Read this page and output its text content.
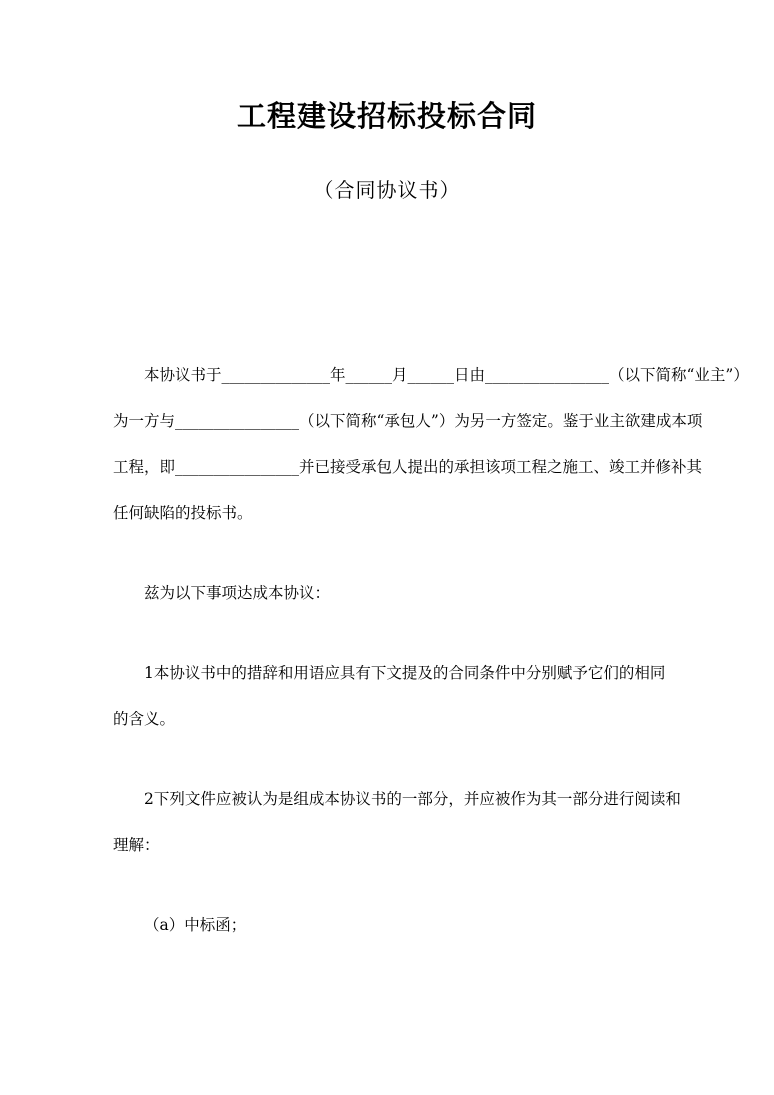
工程建设招标投标合同
（合同协议书）
本协议书于______________年______月______日由________________（以下简称“业主”）
为一方与________________（以下简称“承包人”）为另一方签定。鉴于业主欲建成本项
工程，即________________并已接受承包人提出的承担该项工程之施工、竣工并修补其
任何缺陷的投标书。
兹为以下事项达成本协议：
1本协议书中的措辞和用语应具有下文提及的合同条件中分别赋予它们的相同
的含义。
2下列文件应被认为是组成本协议书的一部分，并应被作为其一部分进行阅读和
理解：
（a）中标函；
